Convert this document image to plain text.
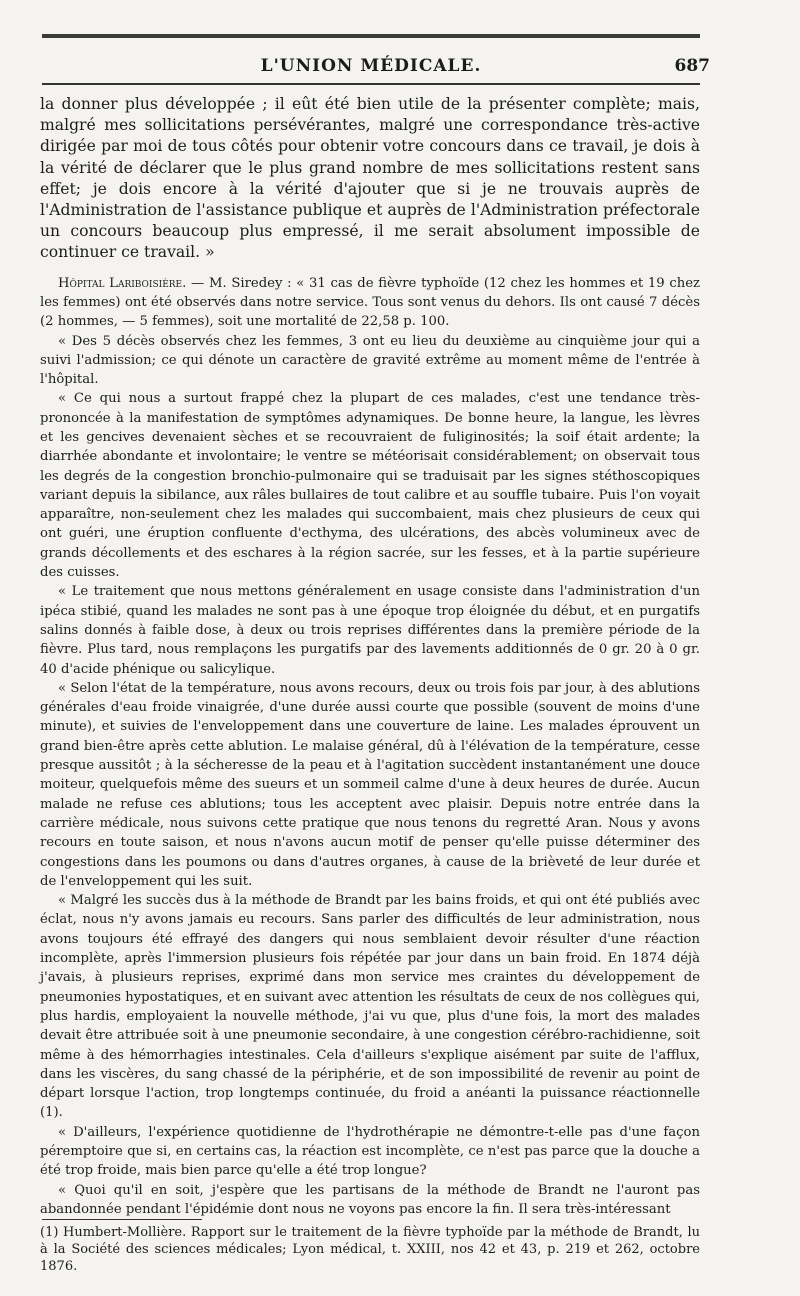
L'UNION MÉDICALE.	687

la donner plus développée ; il eût été bien utile de la présenter complète; mais, malgré mes sollicitations persévérantes, malgré une correspondance très-active dirigée par moi de tous côtés pour obtenir votre concours dans ce travail, je dois à la vérité de déclarer que le plus grand nombre de mes sollicitations restent sans effet; je dois encore à la vérité d'ajouter que si je ne trouvais auprès de l'Administration de l'assistance publique et auprès de l'Administration préfectorale un concours beaucoup plus empressé, il me serait absolument impossible de continuer ce travail. »

Hôpital Lariboisière. — M. Siredey : « 31 cas de fièvre typhoïde (12 chez les hommes et 19 chez les femmes) ont été observés dans notre service. Tous sont venus du dehors. Ils ont causé 7 décès (2 hommes, — 5 femmes), soit une mortalité de 22,58 p. 100.

« Des 5 décès observés chez les femmes, 3 ont eu lieu du deuxième au cinquième jour qui a suivi l'admission; ce qui dénote un caractère de gravité extrême au moment même de l'entrée à l'hôpital.

« Ce qui nous a surtout frappé chez la plupart de ces malades, c'est une tendance très-prononcée à la manifestation de symptômes adynamiques. De bonne heure, la langue, les lèvres et les gencives devenaient sèches et se recouvraient de fuliginosités; la soif était ardente; la diarrhée abondante et involontaire; le ventre se météorisait considérablement; on observait tous les degrés de la congestion bronchio-pulmonaire qui se traduisait par les signes stéthoscopiques variant depuis la sibilance, aux râles bullaires de tout calibre et au souffle tubaire. Puis l'on voyait apparaître, non-seulement chez les malades qui succombaient, mais chez plusieurs de ceux qui ont guéri, une éruption confluente d'ecthyma, des ulcérations, des abcès volumineux avec de grands décollements et des eschares à la région sacrée, sur les fesses, et à la partie supérieure des cuisses.

« Le traitement que nous mettons généralement en usage consiste dans l'administration d'un ipéca stibié, quand les malades ne sont pas à une époque trop éloignée du début, et en purgatifs salins donnés à faible dose, à deux ou trois reprises différentes dans la première période de la fièvre. Plus tard, nous remplaçons les purgatifs par des lavements additionnés de 0 gr. 20 à 0 gr. 40 d'acide phénique ou salicylique.

« Selon l'état de la température, nous avons recours, deux ou trois fois par jour, à des ablutions générales d'eau froide vinaigrée, d'une durée aussi courte que possible (souvent de moins d'une minute), et suivies de l'enveloppement dans une couverture de laine. Les malades éprouvent un grand bien-être après cette ablution. Le malaise général, dû à l'élévation de la température, cesse presque aussitôt ; à la sécheresse de la peau et à l'agitation succèdent instantanément une douce moiteur, quelquefois même des sueurs et un sommeil calme d'une à deux heures de durée. Aucun malade ne refuse ces ablutions; tous les acceptent avec plaisir. Depuis notre entrée dans la carrière médicale, nous suivons cette pratique que nous tenons du regretté Aran. Nous y avons recours en toute saison, et nous n'avons aucun motif de penser qu'elle puisse déterminer des congestions dans les poumons ou dans d'autres organes, à cause de la brièveté de leur durée et de l'enveloppement qui les suit.

« Malgré les succès dus à la méthode de Brandt par les bains froids, et qui ont été publiés avec éclat, nous n'y avons jamais eu recours. Sans parler des difficultés de leur administration, nous avons toujours été effrayé des dangers qui nous semblaient devoir résulter d'une réaction incomplète, après l'immersion plusieurs fois répétée par jour dans un bain froid. En 1874 déjà j'avais, à plusieurs reprises, exprimé dans mon service mes craintes du développement de pneumonies hypostatiques, et en suivant avec attention les résultats de ceux de nos collègues qui, plus hardis, employaient la nouvelle méthode, j'ai vu que, plus d'une fois, la mort des malades devait être attribuée soit à une pneumonie secondaire, à une congestion cérébro-rachidienne, soit même à des hémorrhagies intestinales. Cela d'ailleurs s'explique aisément par suite de l'afflux, dans les viscères, du sang chassé de la périphérie, et de son impossibilité de revenir au point de départ lorsque l'action, trop longtemps continuée, du froid a anéanti la puissance réactionnelle (1).

« D'ailleurs, l'expérience quotidienne de l'hydrothérapie ne démontre-t-elle pas d'une façon péremptoire que si, en certains cas, la réaction est incomplète, ce n'est pas parce que la douche a été trop froide, mais bien parce qu'elle a été trop longue?

« Quoi qu'il en soit, j'espère que les partisans de la méthode de Brandt ne l'auront pas abandonnée pendant l'épidémie dont nous ne voyons pas encore la fin. Il sera très-intéressant

(1) Humbert-Mollière. Rapport sur le traitement de la fièvre typhoïde par la méthode de Brandt, lu à la Société des sciences médicales; Lyon médical, t. XXIII, nos 42 et 43, p. 219 et 262, octobre 1876.
